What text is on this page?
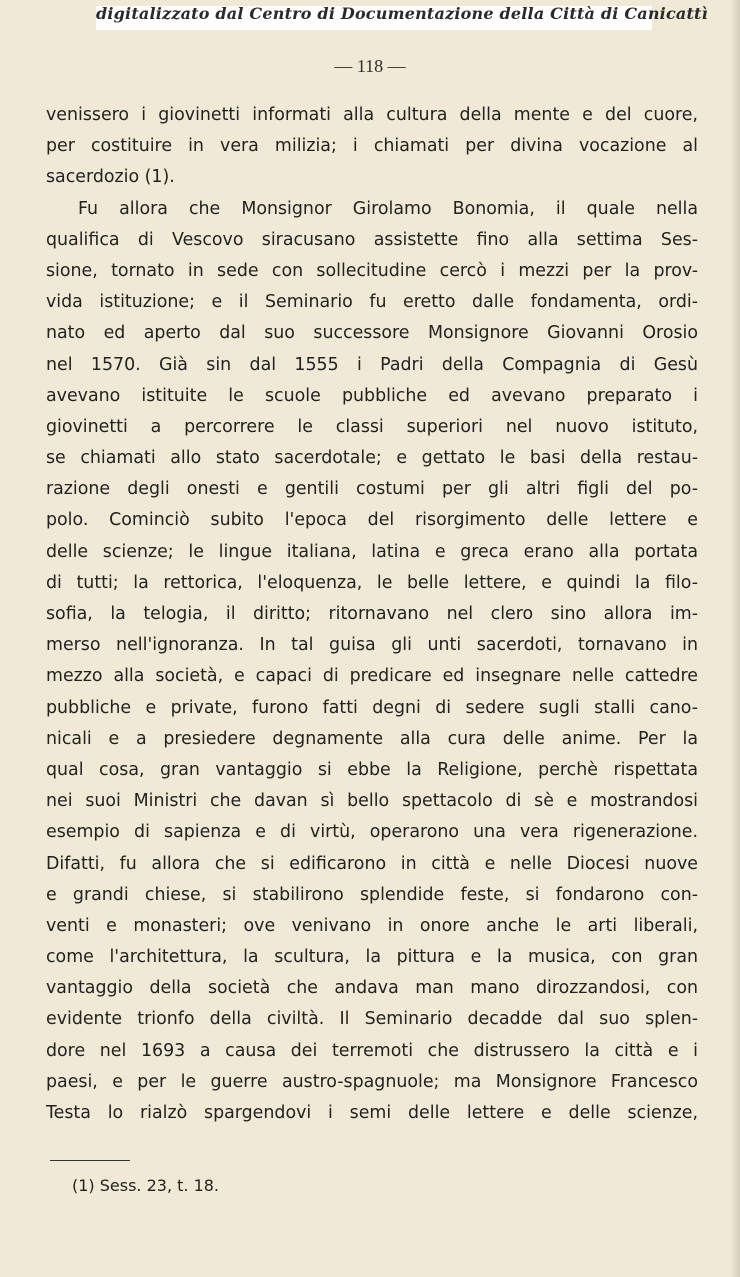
digitalizzato dal Centro di Documentazione della Città di Canicattì
— 118 —
venissero i giovinetti informati alla cultura della mente e del cuore,
per costituire in vera milizia; i chiamati per divina vocazione al
sacerdozio (1).
Fu allora che Monsignor Girolamo Bonomia, il quale nella
qualifica di Vescovo siracusano assistette fino alla settima Ses-
sione, tornato in sede con sollecitudine cercò i mezzi per la prov-
vida istituzione; e il Seminario fu eretto dalle fondamenta, ordi-
nato ed aperto dal suo successore Monsignore Giovanni Orosio
nel 1570. Già sin dal 1555 i Padri della Compagnia di Gesù
avevano istituite le scuole pubbliche ed avevano preparato i
giovinetti a percorrere le classi superiori nel nuovo istituto,
se chiamati allo stato sacerdotale; e gettato le basi della restau-
razione degli onesti e gentili costumi per gli altri figli del po-
polo. Cominciò subito l'epoca del risorgimento delle lettere e
delle scienze; le lingue italiana, latina e greca erano alla portata
di tutti; la rettorica, l'eloquenza, le belle lettere, e quindi la filo-
sofia, la telogia, il diritto; ritornavano nel clero sino allora im-
merso nell'ignoranza. In tal guisa gli unti sacerdoti, tornavano in
mezzo alla società, e capaci di predicare ed insegnare nelle cattedre
pubbliche e private, furono fatti degni di sedere sugli stalli cano-
nicali e a presiedere degnamente alla cura delle anime. Per la
qual cosa, gran vantaggio si ebbe la Religione, perchè rispettata
nei suoi Ministri che davan sì bello spettacolo di sè e mostrandosi
esempio di sapienza e di virtù, operarono una vera rigenerazione.
Difatti, fu allora che si edificarono in città e nelle Diocesi nuove
e grandi chiese, si stabilirono splendide feste, si fondarono con-
venti e monasteri; ove venivano in onore anche le arti liberali,
come l'architettura, la scultura, la pittura e la musica, con gran
vantaggio della società che andava man mano dirozzandosi, con
evidente trionfo della civiltà. Il Seminario decadde dal suo splen-
dore nel 1693 a causa dei terremoti che distrussero la città e i
paesi, e per le guerre austro-spagnuole; ma Monsignore Francesco
Testa lo rialzò spargendovi i semi delle lettere e delle scienze,
(1) Sess. 23, t. 18.
